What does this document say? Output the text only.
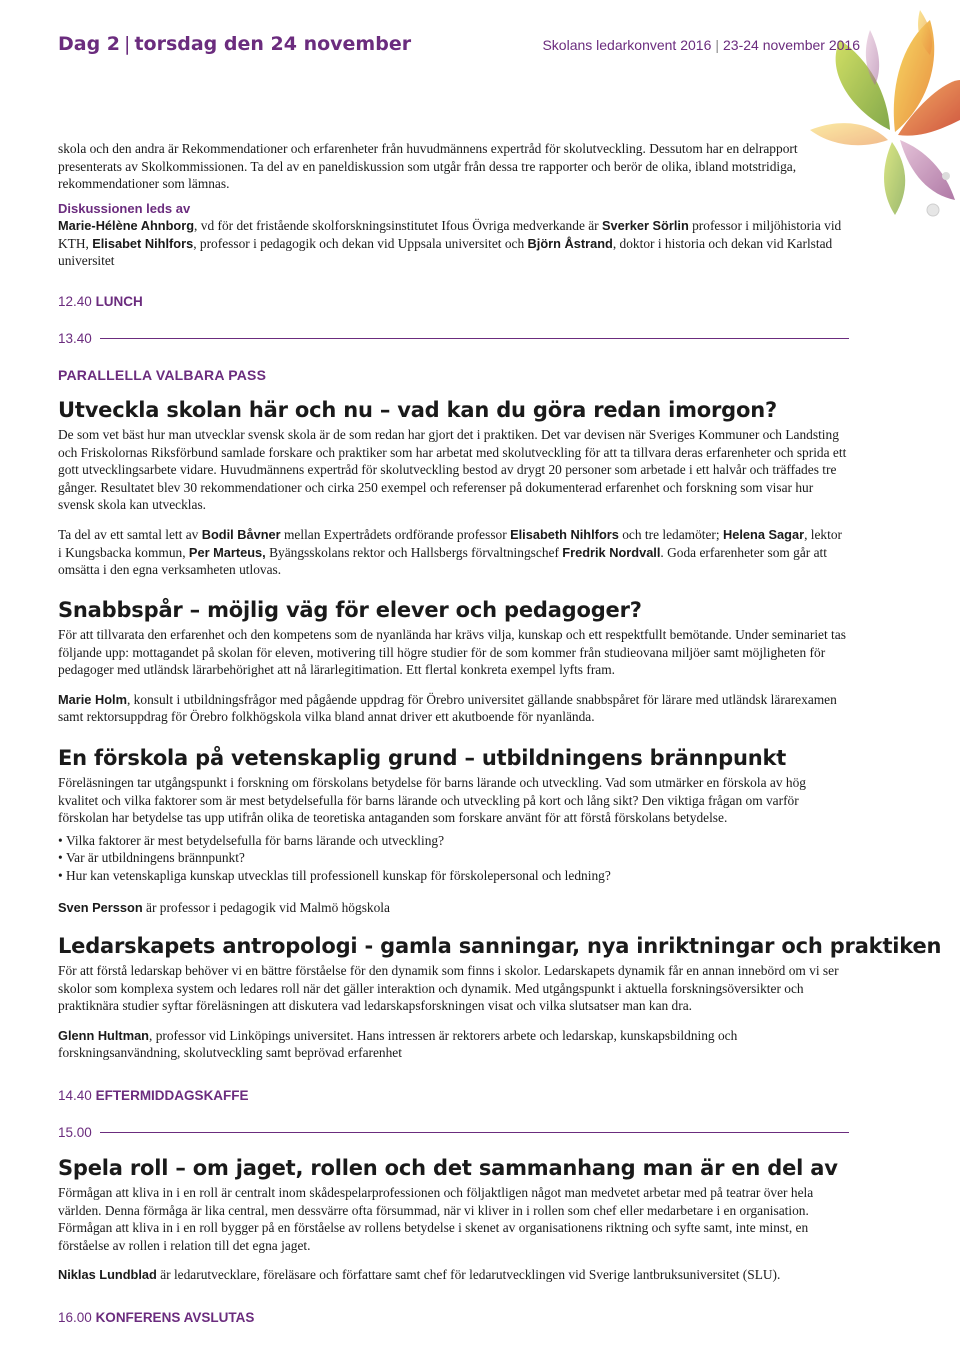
Dag 2 | torsdag den 24 november	Skolans ledarkonvent 2016 | 23-24 november 2016

skola och den andra är Rekommendationer och erfarenheter från huvudmännens expertråd för skolutveckling. Dessutom har en delrapport presenterats av Skolkommissionen. Ta del av en paneldiskussion som utgår från dessa tre rapporter och berör de olika, ibland motstridiga, rekommendationer som lämnas.

Diskussionen leds av

Marie-Hélène Ahnborg, vd för det fristående skolforskningsinstitutet Ifous Övriga medverkande är Sverker Sörlin professor i miljöhistoria vid KTH, Elisabet Nihlfors, professor i pedagogik och dekan vid Uppsala universitet och Björn Åstrand, doktor i historia och dekan vid Karlstad universitet

12.40 LUNCH
13.40
PARALLELLA VALBARA PASS
Utveckla skolan här och nu – vad kan du göra redan imorgon?

De som vet bäst hur man utvecklar svensk skola är de som redan har gjort det i praktiken. Det var devisen när Sveriges Kommuner och Landsting och Friskolornas Riksförbund samlade forskare och praktiker som har arbetat med skolutveckling för att ta tillvara deras erfarenheter och sprida ett gott utvecklingsarbete vidare. Huvudmännens expertråd för skolutveckling bestod av drygt 20 personer som arbetade i ett halvår och träffades tre gånger. Resultatet blev 30 rekommendationer och cirka 250 exempel och referenser på dokumenterad erfarenhet och forskning som visar hur svensk skola kan utvecklas.

Ta del av ett samtal lett av Bodil Båvner mellan Expertrådets ordförande professor Elisabeth Nihlfors och tre ledamöter; Helena Sagar, lektor i Kungsbacka kommun, Per Marteus, Byängsskolans rektor och Hallsbergs förvaltningschef Fredrik Nordvall. Goda erfarenheter som går att omsätta i den egna verksamheten utlovas.

Snabbspår – möjlig väg för elever och pedagoger?

För att tillvarata den erfarenhet och den kompetens som de nyanlända har krävs vilja, kunskap och ett respektfullt bemötande. Under seminariet tas följande upp: mottagandet på skolan för eleven, motivering till högre studier för de som kommer från studieovana miljöer samt möjligheten för pedagoger med utländsk lärarbehörighet att nå lärarlegitimation. Ett flertal konkreta exempel lyfts fram.

Marie Holm, konsult i utbildningsfrågor med pågående uppdrag för Örebro universitet gällande snabbspåret för lärare med utländsk lärarexamen samt rektorsuppdrag för Örebro folkhögskola vilka bland annat driver ett akutboende för nyanlända.

En förskola på vetenskaplig grund – utbildningens brännpunkt

Föreläsningen tar utgångspunkt i forskning om förskolans betydelse för barns lärande och utveckling. Vad som utmärker en förskola av hög kvalitet och vilka faktorer som är mest betydelsefulla för barns lärande och utveckling på kort och lång sikt? Den viktiga frågan om varför förskolan har betydelse tas upp utifrån olika de teoretiska antaganden som forskare använt för att förstå förskolans betydelse.

• Vilka faktorer är mest betydelsefulla för barns lärande och utveckling?
• Var är utbildningens brännpunkt?
• Hur kan vetenskapliga kunskap utvecklas till professionell kunskap för förskolepersonal och ledning?

Sven Persson är professor i pedagogik vid Malmö högskola

Ledarskapets antropologi - gamla sanningar, nya inriktningar och praktiken

För att förstå ledarskap behöver vi en bättre förståelse för den dynamik som finns i skolor. Ledarskapets dynamik får en annan innebörd om vi ser skolor som komplexa system och ledares roll när det gäller interaktion och dynamik. Med utgångspunkt i aktuella forskningsöversikter och praktiknära studier syftar föreläsningen att diskutera vad ledarskapsforskningen visat och vilka slutsatser man kan dra.

Glenn Hultman, professor vid Linköpings universitet. Hans intressen är rektorers arbete och ledarskap, kunskapsbildning och forskningsanvändning, skolutveckling samt beprövad erfarenhet

14.40 EFTERMIDDAGSKAFFE
15.00
Spela roll – om jaget, rollen och det sammanhang man är en del av

Förmågan att kliva in i en roll är centralt inom skådespelarprofessionen och följaktligen något man medvetet arbetar med på teatrar över hela världen. Denna förmåga är lika central, men dessvärre ofta försummad, när vi kliver in i rollen som chef eller medarbetare i en organisation. Förmågan att kliva in i en roll bygger på en förståelse av rollens betydelse i skenet av organisationens riktning och syfte samt, inte minst, en förståelse av rollen i relation till det egna jaget.

Niklas Lundblad är ledarutvecklare, föreläsare och författare samt chef för ledarutvecklingen vid Sverige lantbruksuniversitet (SLU).

16.00 KONFERENS AVSLUTAS
